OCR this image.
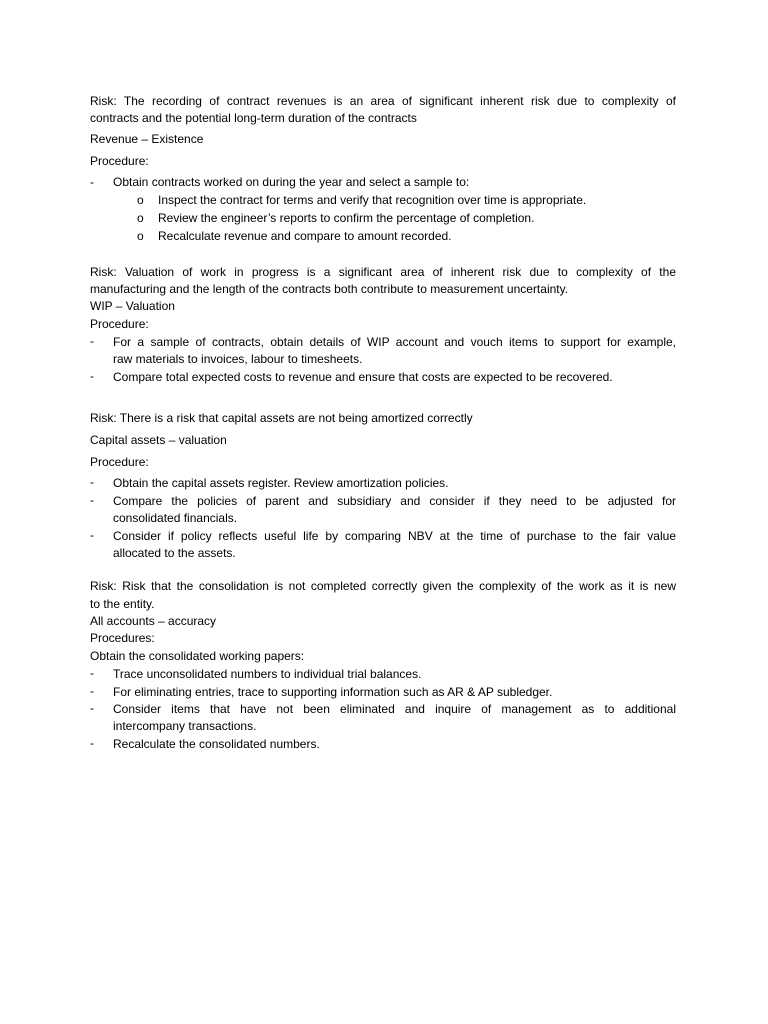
Risk: The recording of contract revenues is an area of significant inherent risk due to complexity of
contracts and the potential long-term duration of the contracts
Revenue – Existence
Procedure:
- Obtain contracts worked on during the year and select a sample to:
o Inspect the contract for terms and verify that recognition over time is appropriate.
o Review the engineer’s reports to confirm the percentage of completion.
o Recalculate revenue and compare to amount recorded.
Risk: Valuation of work in progress is a significant area of inherent risk due to complexity of the
manufacturing and the length of the contracts both contribute to measurement uncertainty.
WIP – Valuation
Procedure:
- For a sample of contracts, obtain details of WIP account and vouch items to support for example,
raw materials to invoices, labour to timesheets.
- Compare total expected costs to revenue and ensure that costs are expected to be recovered.
Risk: There is a risk that capital assets are not being amortized correctly
Capital assets – valuation
Procedure:
- Obtain the capital assets register. Review amortization policies.
- Compare the policies of parent and subsidiary and consider if they need to be adjusted for
consolidated financials.
- Consider if policy reflects useful life by comparing NBV at the time of purchase to the fair value
allocated to the assets.
Risk: Risk that the consolidation is not completed correctly given the complexity of the work as it is new
to the entity.
All accounts – accuracy
Procedures:
Obtain the consolidated working papers:
- Trace unconsolidated numbers to individual trial balances.
- For eliminating entries, trace to supporting information such as AR & AP subledger.
- Consider items that have not been eliminated and inquire of management as to additional
intercompany transactions.
- Recalculate the consolidated numbers.
